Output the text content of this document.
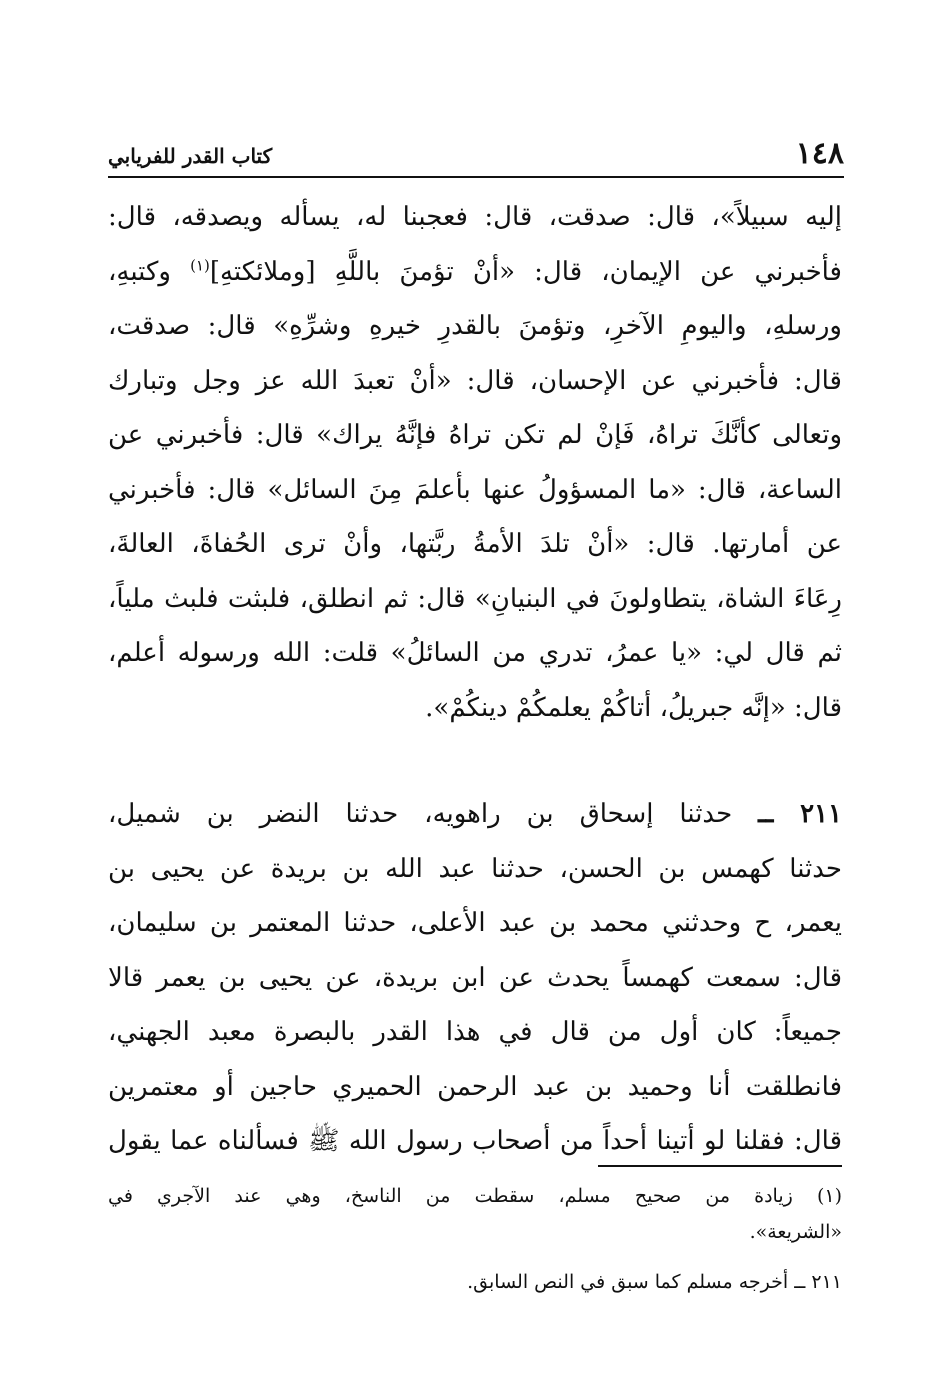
١٤٨
كتاب القدر للفريابي
إليه سبيلاً»، قال: صدقت، قال: فعجبنا له، يسأله ويصدقه، قال:
فأخبرني عن الإيمان، قال: «أنْ تؤمنَ باللَّهِ [وملائكتهِ]$^{(١)}$ وكتبهِ،
ورسلهِ، واليومِ الآخرِ، وتؤمنَ بالقدرِ خيرهِ وشرِّهِ» قال: صدقت،
قال: فأخبرني عن الإحسان، قال: «أنْ تعبدَ الله عز وجل وتبارك
وتعالى كأنَّكَ تراهُ، فَإنْ لم تكن تراهُ فإنَّهُ يراك» قال: فأخبرني عن
الساعة، قال: «ما المسؤولُ عنها بأعلمَ مِنَ السائل» قال: فأخبرني
عن أمارتها. قال: «أنْ تلدَ الأمةُ ربَّتها، وأنْ ترى الحُفاةَ، العالةَ،
رِعَاءَ الشاة، يتطاولونَ في البنيانِ» قال: ثم انطلق، فلبثت فلبث ملياً،
ثم قال لي: «يا عمرُ، تدري من السائلُ» قلت: الله ورسوله أعلم،
قال: «إنَّه جبريلُ، أتاكُمْ يعلمكُمْ دينكُمْ».
٢١١ ــ حدثنا إسحاق بن راهويه، حدثنا النضر بن شميل،
حدثنا كهمس بن الحسن، حدثنا عبد الله بن بريدة عن يحيى بن
يعمر، ح وحدثني محمد بن عبد الأعلى، حدثنا المعتمر بن سليمان،
قال: سمعت كهمساً يحدث عن ابن بريدة، عن يحيى بن يعمر قالا
جميعاً: كان أول من قال في هذا القدر بالبصرة معبد الجهني،
فانطلقت أنا وحميد بن عبد الرحمن الحميري حاجين أو معتمرين
قال: فقلنا لو أتينا أحداً من أصحاب رسول الله ﷺ فسألناه عما يقول
(١) زيادة من صحيح مسلم، سقطت من الناسخ، وهي عند الآجري في
«الشريعة».
٢١١ ــ أخرجه مسلم كما سبق في النص السابق.
